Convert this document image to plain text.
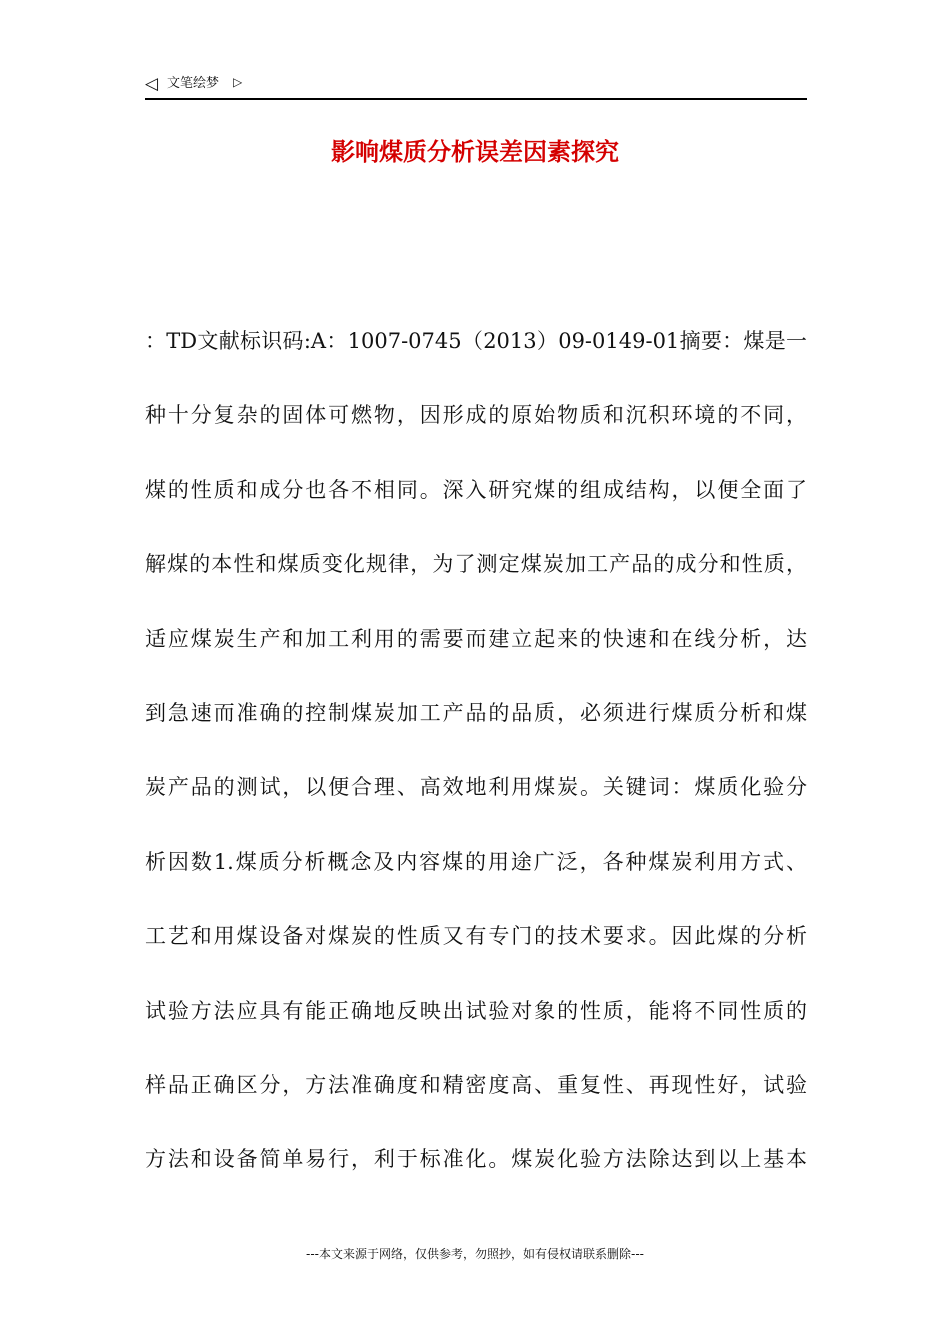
◁ 文笔绘梦 ▷
影响煤质分析误差因素探究
：TD文献标识码:A：1007-0745（2013）09-0149-01摘要：煤是一
种十分复杂的固体可燃物，因形成的原始物质和沉积环境的不同，
煤的性质和成分也各不相同。深入研究煤的组成结构，以便全面了
解煤的本性和煤质变化规律，为了测定煤炭加工产品的成分和性质，
适应煤炭生产和加工利用的需要而建立起来的快速和在线分析，达
到急速而准确的控制煤炭加工产品的品质，必须进行煤质分析和煤
炭产品的测试，以便合理、高效地利用煤炭。关键词：煤质化验分
析因数1.煤质分析概念及内容煤的用途广泛，各种煤炭利用方式、
工艺和用煤设备对煤炭的性质又有专门的技术要求。因此煤的分析
试验方法应具有能正确地反映出试验对象的性质，能将不同性质的
样品正确区分，方法准确度和精密度高、重复性、再现性好，试验
方法和设备简单易行，利于标准化。煤炭化验方法除达到以上基本
---本文来源于网络，仅供参考，勿照抄，如有侵权请联系删除---
